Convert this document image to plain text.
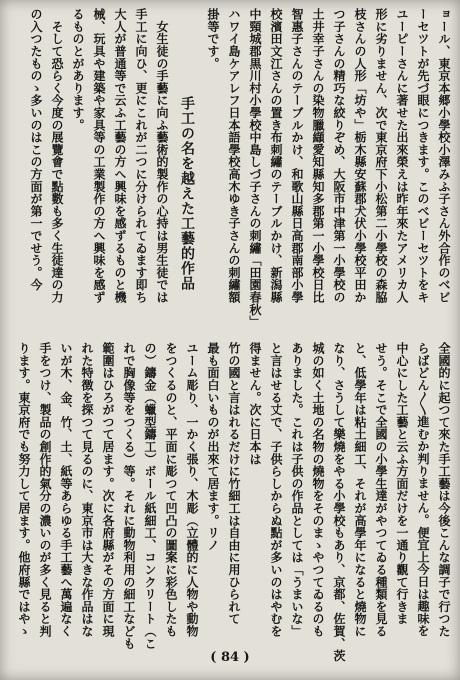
ョール、東京本郷小學校小澤みふ子さん外合作のべビ
ーセツトが先づ眼につきます。このべビーセツトをキ
ユーピーさんに著せた出來榮えは昨年來たアメリカ人
形に劣りません、次で東京府下小松第二小學校の森脇
枝さんの人形「坊や」栃木縣安蘇郡犬伏小學校平田か
つ子さんの精巧な絞りぞめ、大阪市中津第一小學校の
土井幸子さんの染物臘纈愛知縣知多郡第一小學校日比
智惠子さんのテーブルかけ、和歌山縣日高郡南部小學
校濱田文江さんの置き布刺繡のテーブルかけ、新潟縣
中頸城郡黒川村小學校中島しづ子さんの刺繡「田園春秋」
ハワイ島ケアレフ日本語學校高木ゆき子さんの刺繡額
掛等です。
手工の名を越えた工藝的作品
　女生徒の手藝に向ふ藝術的製作の心持は男生徒では
手工に向ひ、更にこれが二つに分けられてゐます即ち
大人が普通等で云ふ工藝の方へ興味を感ずるものと機
械、玩具や建築や家具等の工業製作の方へ興味を感ず
るものとがあります。
　そして恐らく今度の展覽會で點數も多く生徒達の力
の入つたものゝ多いのはこの方面が第一でせう。今
全國的に起つて來た手工藝は今後こんな調子で行つた
らばどん〳〵進むか判りません。便宜上今日は趣味を
中心にした工藝と云ふ方面だけを一通り觀て行きま
せう。そこで全國の小學生達がやつてゐる種類を見る
と、低學年は粘土細工、それが高學年になると燒物に
なり、さうして樂燒をやる小學校もあり、京都、佐賀、茨
城の如く土地の名物の燒物をそのまゝやつてゐるのも
ありました。これは子供の作品としては「うまいな」
と言はせる丈で、子供らしからぬ點が多いのはやむを
得ません。次に日本は
竹の國と言はれるだけに竹細工は自由に用ひられて
最も面白いものが出來て居ます。リノ
ユーム彫り、一かく張り、木彫（立體的に人物や動物
をつくるのと、平面に彫つて凹凸の圖案に彩色したも
の）鑄金（蠟型鑄工）ボール紙細工、コンクリート（こ
れで胸像等をつくる）等。それに動物利用の細工なども
範圍はひろがつて居ます。次に各府縣がその方面に現
れた特徴を探つて見るのに、東京市は大きな作品はな
いが木、金、竹、土、紙等あらゆる手工藝へ萬遍なく
手をつけ、製品の創作的氣分の濃いのが多く見ると判
ります。東京府でも努力して居ます。他府縣ではやゝ
( 84 )
